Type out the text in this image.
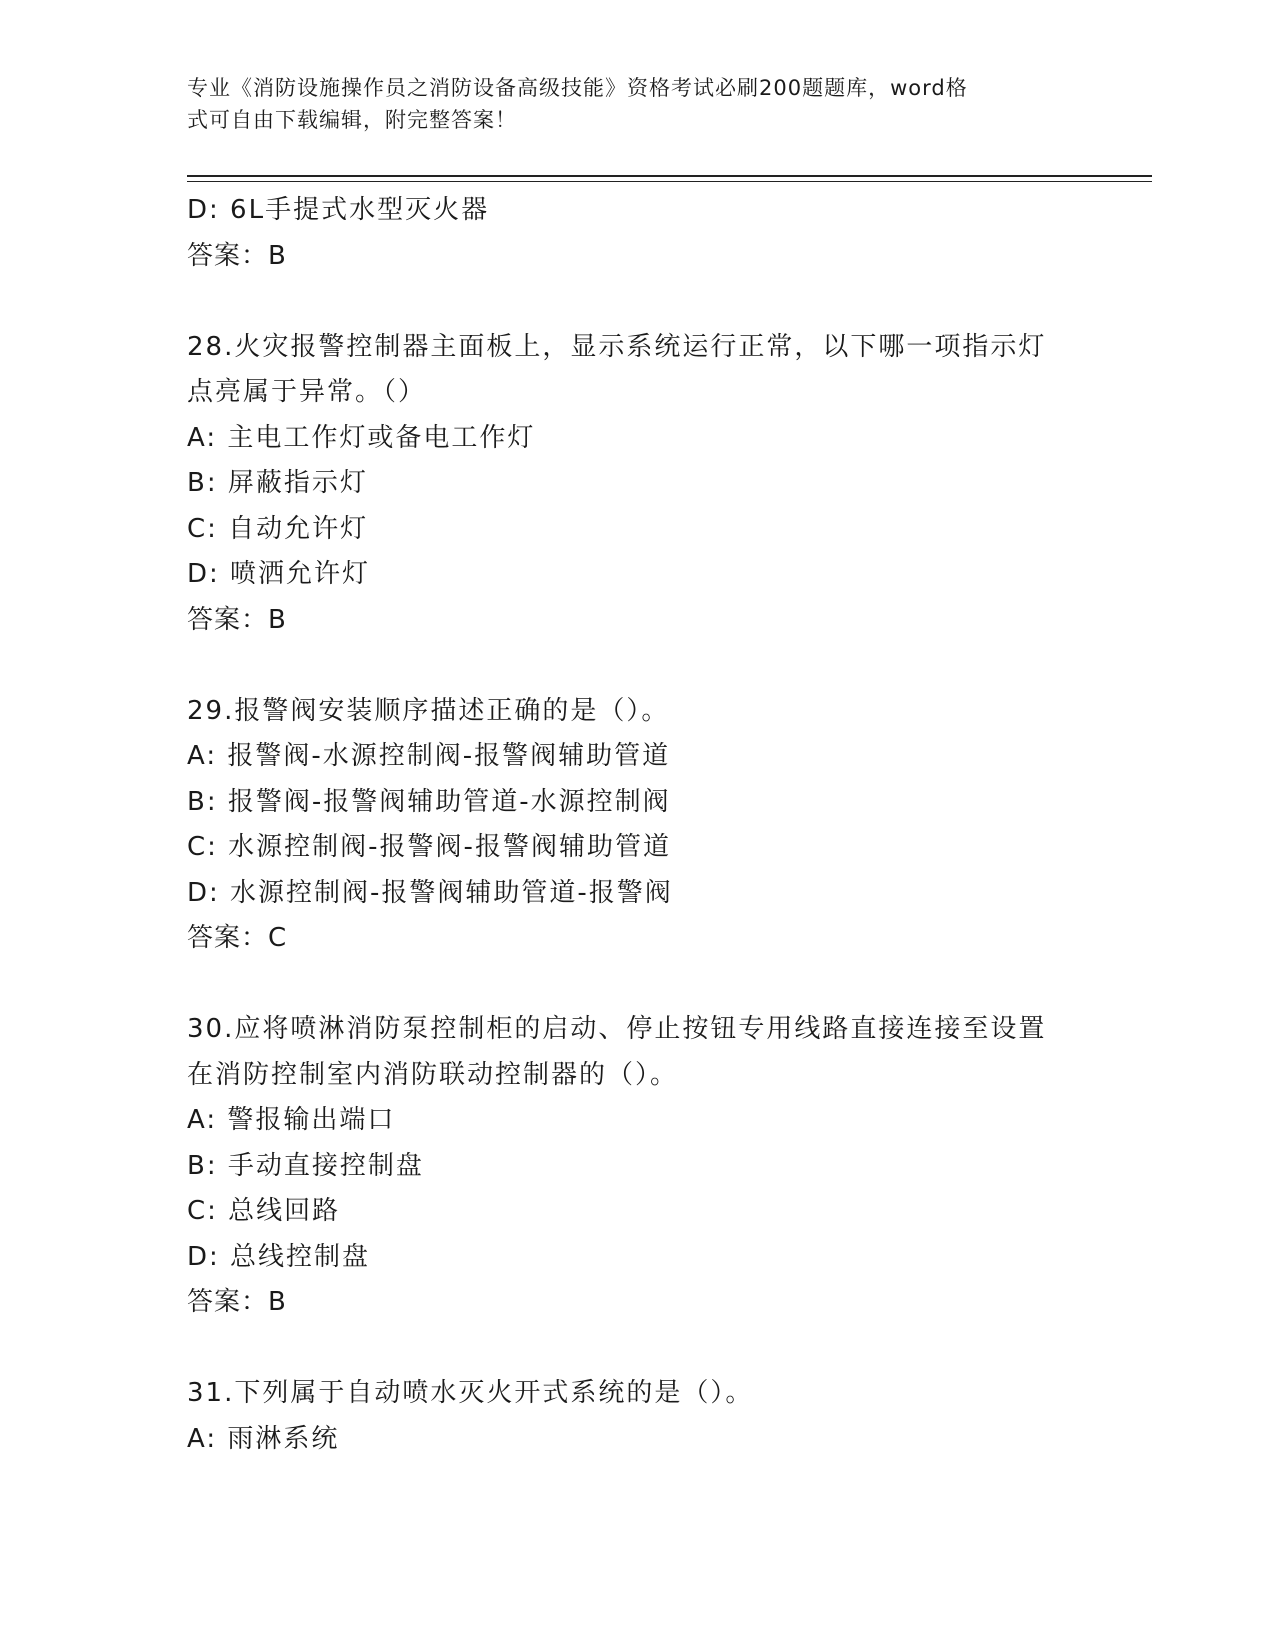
专业《消防设施操作员之消防设备高级技能》资格考试必刷200题题库，word格
式可自由下载编辑，附完整答案！
D: 6L手提式水型灭火器
答案：B
28.火灾报警控制器主面板上，显示系统运行正常，以下哪一项指示灯
点亮属于异常。（）
A: 主电工作灯或备电工作灯
B: 屏蔽指示灯
C: 自动允许灯
D: 喷洒允许灯
答案：B
29.报警阀安装顺序描述正确的是（）。
A: 报警阀-水源控制阀-报警阀辅助管道
B: 报警阀-报警阀辅助管道-水源控制阀
C: 水源控制阀-报警阀-报警阀辅助管道
D: 水源控制阀-报警阀辅助管道-报警阀
答案：C
30.应将喷淋消防泵控制柜的启动、停止按钮专用线路直接连接至设置
在消防控制室内消防联动控制器的（）。
A: 警报输出端口
B: 手动直接控制盘
C: 总线回路
D: 总线控制盘
答案：B
31.下列属于自动喷水灭火开式系统的是（）。
A: 雨淋系统
